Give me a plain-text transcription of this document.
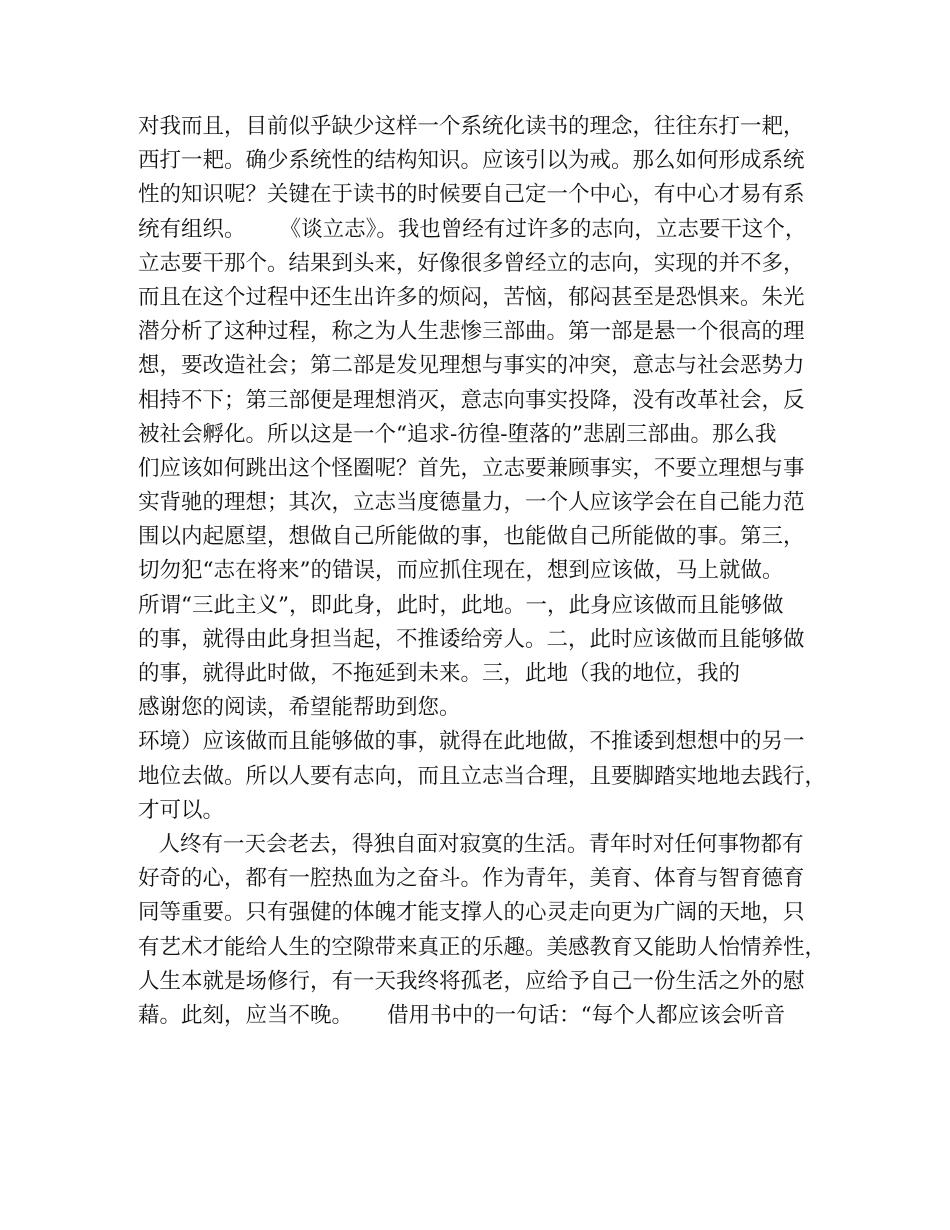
对我而且，目前似乎缺少这样一个系统化读书的理念，往往东打一耙，
西打一耙。确少系统性的结构知识。应该引以为戒。那么如何形成系统
性的知识呢？关键在于读书的时候要自己定一个中心，有中心才易有系
统有组织。     《谈立志》。我也曾经有过许多的志向，立志要干这个，
立志要干那个。结果到头来，好像很多曾经立的志向，实现的并不多，
而且在这个过程中还生出许多的烦闷，苦恼，郁闷甚至是恐惧来。朱光
潜分析了这种过程，称之为人生悲惨三部曲。第一部是悬一个很高的理
想，要改造社会；第二部是发见理想与事实的冲突，意志与社会恶势力
相持不下；第三部便是理想消灭，意志向事实投降，没有改革社会，反
被社会孵化。所以这是一个“追求-彷徨-堕落的”悲剧三部曲。那么我
们应该如何跳出这个怪圈呢？首先，立志要兼顾事实，不要立理想与事
实背驰的理想；其次，立志当度德量力，一个人应该学会在自己能力范
围以内起愿望，想做自己所能做的事，也能做自己所能做的事。第三，
切勿犯“志在将来”的错误，而应抓住现在，想到应该做，马上就做。
所谓“三此主义”，即此身，此时，此地。一，此身应该做而且能够做
的事，就得由此身担当起，不推诿给旁人。二，此时应该做而且能够做
的事，就得此时做，不拖延到未来。三，此地（我的地位，我的
感谢您的阅读，希望能帮助到您。
环境）应该做而且能够做的事，就得在此地做，不推诿到想想中的另一
地位去做。所以人要有志向，而且立志当合理，且要脚踏实地地去践行，
才可以。
人终有一天会老去，得独自面对寂寞的生活。青年时对任何事物都有
好奇的心，都有一腔热血为之奋斗。作为青年，美育、体育与智育德育
同等重要。只有强健的体魄才能支撑人的心灵走向更为广阔的天地，只
有艺术才能给人生的空隙带来真正的乐趣。美感教育又能助人怡情养性，
人生本就是场修行，有一天我终将孤老，应给予自己一份生活之外的慰
藉。此刻，应当不晚。     借用书中的一句话：“每个人都应该会听音
